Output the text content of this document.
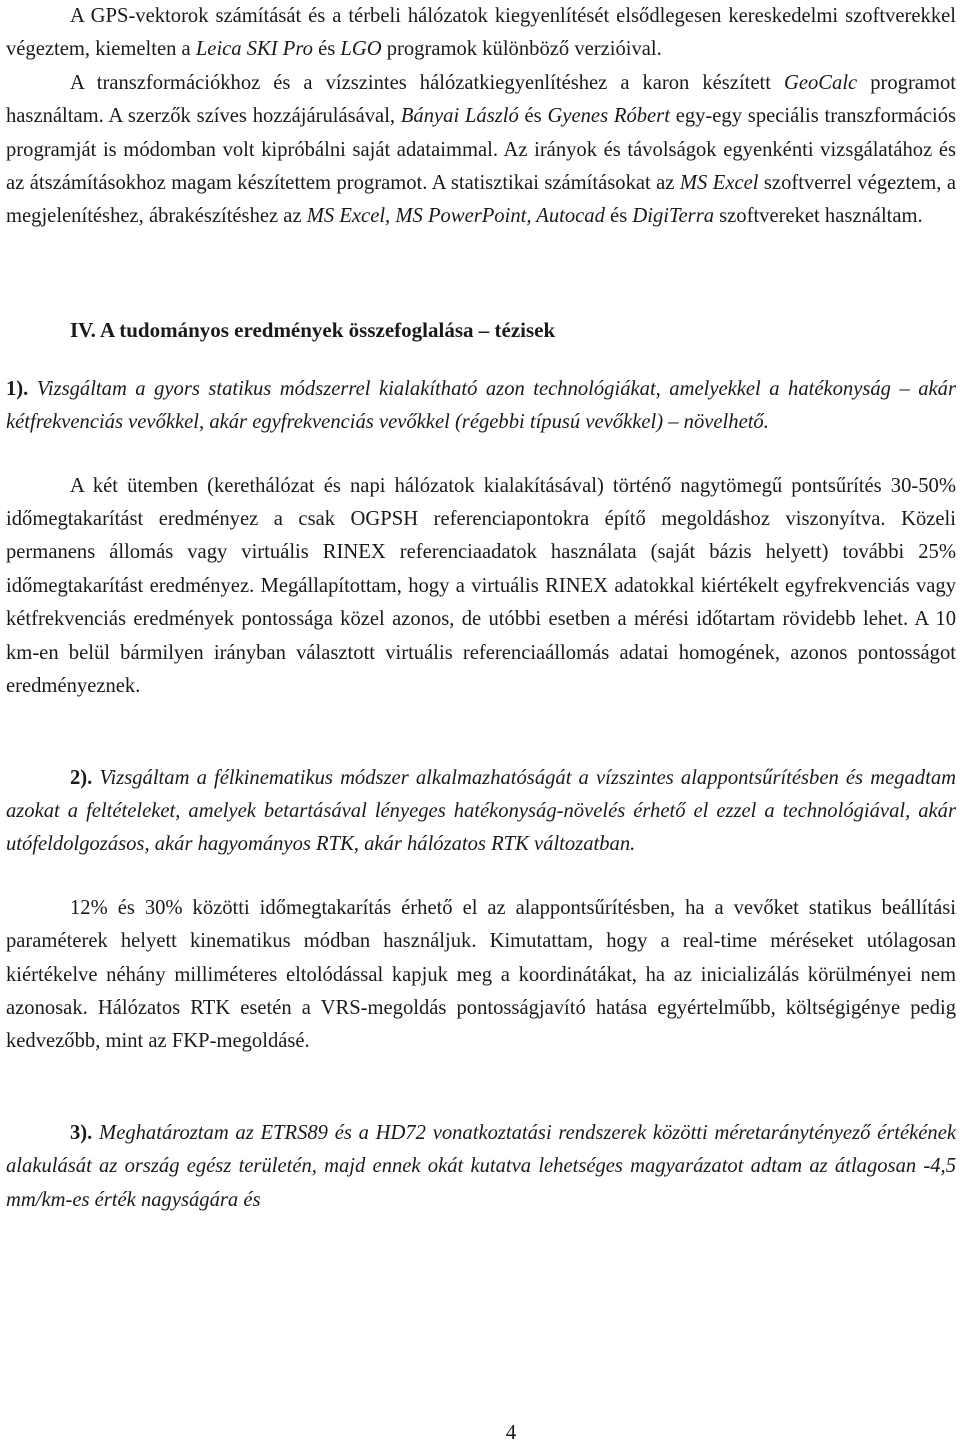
A GPS-vektorok számítását és a térbeli hálózatok kiegyenlítését elsődlegesen kereskedelmi szoftverekkel végeztem, kiemelten a Leica SKI Pro és LGO programok különböző verzióival.

A transzformációkhoz és a vízszintes hálózatkiegyenlítéshez a karon készített GeoCalc programot használtam. A szerzők szíves hozzájárulásával, Bányai László és Gyenes Róbert egy-egy speciális transzformációs programját is módomban volt kipróbálni saját adataimmal. Az irányok és távolságok egyenkénti vizsgálatához és az átszámításokhoz magam készítettem programot. A statisztikai számításokat az MS Excel szoftverrel végeztem, a megjelenítéshez, ábrakészítéshez az MS Excel, MS PowerPoint, Autocad és DigiTerra szoftvereket használtam.

IV. A tudományos eredmények összefoglalása – tézisek

1). Vizsgáltam a gyors statikus módszerrel kialakítható azon technológiákat, amelyekkel a hatékonyság – akár kétfrekvenciás vevőkkel, akár egyfrekvenciás vevőkkel (régebbi típusú vevőkkel) – növelhető.

A két ütemben (kerethálózat és napi hálózatok kialakításával) történő nagytömegű pontsűrítés 30-50% időmegtakarítást eredményez a csak OGPSH referenciapontokra építő megoldáshoz viszonyítva. Közeli permanens állomás vagy virtuális RINEX referenciaadatok használata (saját bázis helyett) további 25% időmegtakarítást eredményez. Megállapítottam, hogy a virtuális RINEX adatokkal kiértékelt egyfrekvenciás vagy kétfrekvenciás eredmények pontossága közel azonos, de utóbbi esetben a mérési időtartam rövidebb lehet. A 10 km-en belül bármilyen irányban választott virtuális referenciaállomás adatai homogének, azonos pontosságot eredményeznek.

2). Vizsgáltam a félkinematikus módszer alkalmazhatóságát a vízszintes alappontsűrítésben és megadtam azokat a feltételeket, amelyek betartásával lényeges hatékonyság-növelés érhető el ezzel a technológiával, akár utófeldolgozásos, akár hagyományos RTK, akár hálózatos RTK változatban.

12% és 30% közötti időmegtakarítás érhető el az alappontsűrítésben, ha a vevőket statikus beállítási paraméterek helyett kinematikus módban használjuk. Kimutattam, hogy a real-time méréseket utólagosan kiértékelve néhány milliméteres eltolódással kapjuk meg a koordinátákat, ha az inicializálás körülményei nem azonosak. Hálózatos RTK esetén a VRS-megoldás pontosságjavító hatása egyértelműbb, költségigénye pedig kedvezőbb, mint az FKP-megoldásé.

3). Meghatároztam az ETRS89 és a HD72 vonatkoztatási rendszerek közötti méretaránytényező értékének alakulását az ország egész területén, majd ennek okát kutatva lehetséges magyarázatot adtam az átlagosan -4,5 mm/km-es érték nagyságára és

4
